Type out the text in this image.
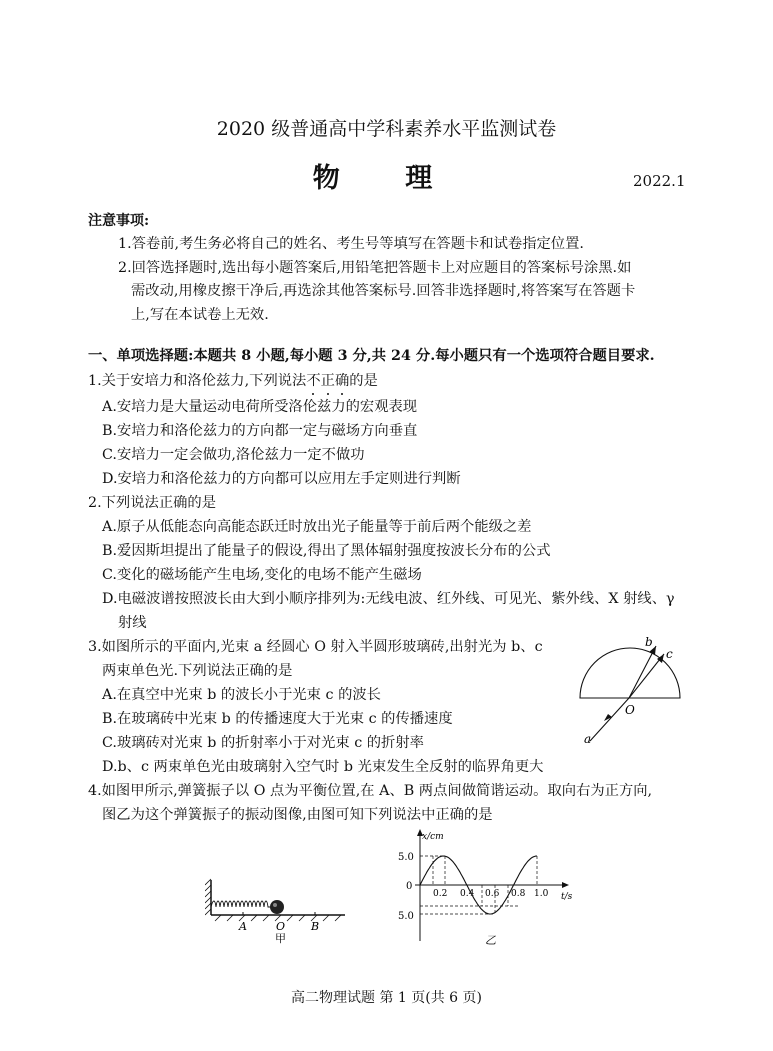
2020 级普通高中学科素养水平监测试卷
物 理	2022.1
注意事项:
1.答卷前,考生务必将自己的姓名、考生号等填写在答题卡和试卷指定位置.
2.回答选择题时,选出每小题答案后,用铅笔把答题卡上对应题目的答案标号涂黑.如
需改动,用橡皮擦干净后,再选涂其他答案标号.回答非选择题时,将答案写在答题卡
上,写在本试卷上无效.
一、单项选择题:本题共 8 小题,每小题 3 分,共 24 分.每小题只有一个选项符合题目要求.
1.关于安培力和洛伦兹力,下列说法不正确的是
A.安培力是大量运动电荷所受洛伦兹力的宏观表现
B.安培力和洛伦兹力的方向都一定与磁场方向垂直
C.安培力一定会做功,洛伦兹力一定不做功
D.安培力和洛伦兹力的方向都可以应用左手定则进行判断
2.下列说法正确的是
A.原子从低能态向高能态跃迁时放出光子能量等于前后两个能级之差
B.爱因斯坦提出了能量子的假设,得出了黑体辐射强度按波长分布的公式
C.变化的磁场能产生电场,变化的电场不能产生磁场
D.电磁波谱按照波长由大到小顺序排列为:无线电波、红外线、可见光、紫外线、X 射线、γ
射线
3.如图所示的平面内,光束 a 经圆心 O 射入半圆形玻璃砖,出射光为 b、c
两束单色光.下列说法正确的是
A.在真空中光束 b 的波长小于光束 c 的波长
B.在玻璃砖中光束 b 的传播速度大于光束 c 的传播速度
C.玻璃砖对光束 b 的折射率小于对光束 c 的折射率
D.b、c 两束单色光由玻璃射入空气时 b 光束发生全反射的临界角更大
a
b
c
O
4.如图甲所示,弹簧振子以 O 点为平衡位置,在 A、B 两点间做简谐运动。取向右为正方向,
图乙为这个弹簧振子的振动图像,由图可知下列说法中正确的是
A	O B
甲
x/cm
t/s
5.0
0
5.0
0.2 0.4 0.6 0.8 1.0
乙
高二物理试题 第 1 页(共 6 页)
